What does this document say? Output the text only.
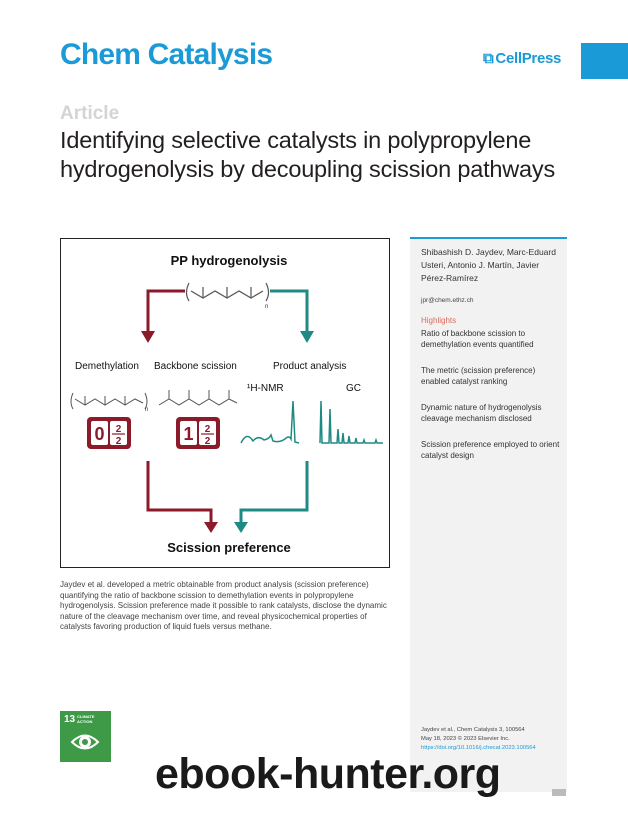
Chem Catalysis	⧉ CellPress
Article
Identifying selective catalysts in polypropylene hydrogenolysis by decoupling scission pathways
PP hydrogenolysis
n
Demethylation Backbone scission	Product analysis
n
0 2
2	1 2
2
¹H-NMR	GC
Scission preference

Jaydev et al. developed a metric obtainable from product analysis (scission preference) quantifying the ratio of backbone scission to demethylation events in polypropylene hydrogenolysis. Scission preference made it possible to rank catalysts, disclose the dynamic nature of the cleavage mechanism over time, and reveal physicochemical properties of catalysts favoring production of liquid fuels versus methane.

13 CLIMATE
ACTION
Shibashish D. Jaydev, Marc-Eduard Usteri, Antonio J. Martín, Javier Pérez-Ramírez
jpr@chem.ethz.ch
Highlights
Ratio of backbone scission to demethylation events quantified
The metric (scission preference) enabled catalyst ranking
Dynamic nature of hydrogenolysis cleavage mechanism disclosed
Scission preference employed to orient catalyst design
Jaydev et al., Chem Catalysis 3, 100564
May 18, 2023 © 2023 Elsevier Inc.
https://doi.org/10.1016/j.checat.2023.100564
ebook-hunter.org
